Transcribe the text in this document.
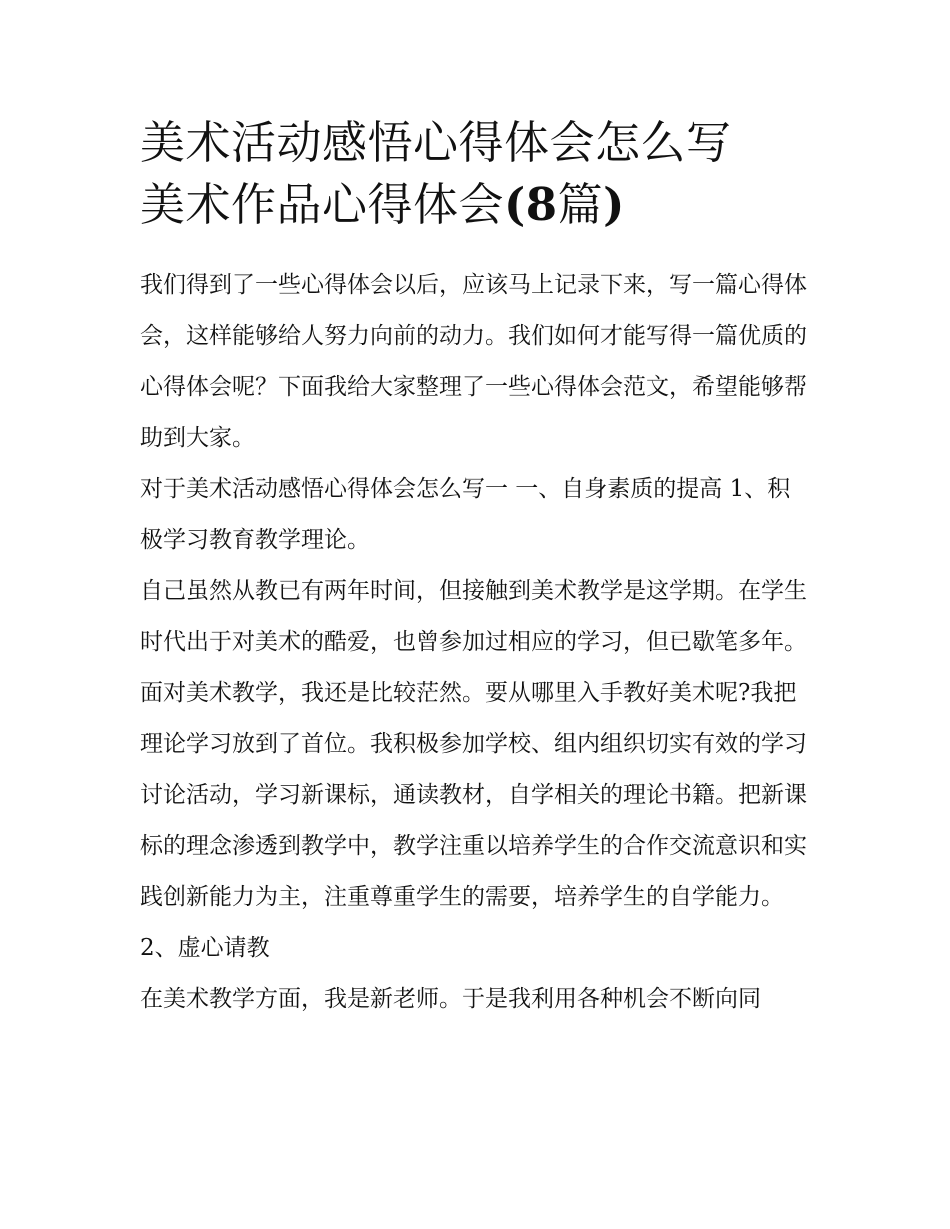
美术活动感悟心得体会怎么写
美术作品心得体会(8篇)

我们得到了一些心得体会以后，应该马上记录下来，写一篇心得体会，这样能够给人努力向前的动力。我们如何才能写得一篇优质的心得体会呢？下面我给大家整理了一些心得体会范文，希望能够帮助到大家。

对于美术活动感悟心得体会怎么写一 一、自身素质的提高 1、积极学习教育教学理论。

自己虽然从教已有两年时间，但接触到美术教学是这学期。在学生时代出于对美术的酷爱，也曾参加过相应的学习，但已歇笔多年。面对美术教学，我还是比较茫然。要从哪里入手教好美术呢?我把理论学习放到了首位。我积极参加学校、组内组织切实有效的学习讨论活动，学习新课标，通读教材，自学相关的理论书籍。把新课标的理念渗透到教学中，教学注重以培养学生的合作交流意识和实践创新能力为主，注重尊重学生的需要，培养学生的自学能力。

2、虚心请教

在美术教学方面，我是新老师。于是我利用各种机会不断向同
